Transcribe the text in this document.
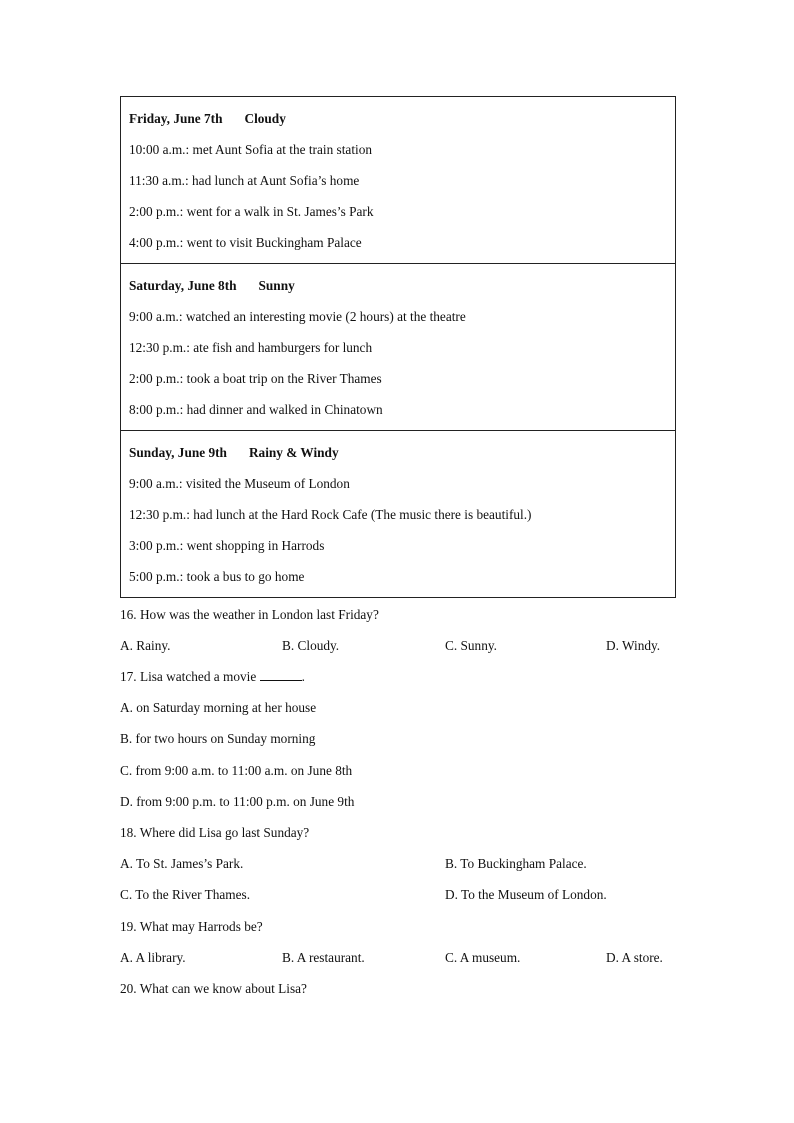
Friday, June 7th Cloudy
10:00 a.m.: met Aunt Sofia at the train station
11:30 a.m.: had lunch at Aunt Sofia’s home
2:00 p.m.: went for a walk in St. James’s Park
4:00 p.m.: went to visit Buckingham Palace
Saturday, June 8th Sunny
9:00 a.m.: watched an interesting movie (2 hours) at the theatre
12:30 p.m.: ate fish and hamburgers for lunch
2:00 p.m.: took a boat trip on the River Thames
8:00 p.m.: had dinner and walked in Chinatown
Sunday, June 9th Rainy & Windy
9:00 a.m.: visited the Museum of London
12:30 p.m.: had lunch at the Hard Rock Cafe (The music there is beautiful.)
3:00 p.m.: went shopping in Harrods
5:00 p.m.: took a bus to go home
16. How was the weather in London last Friday?
A. Rainy.	B. Cloudy.	C. Sunny.	D. Windy.
17. Lisa watched a movie	.
A. on Saturday morning at her house
B. for two hours on Sunday morning
C. from 9:00 a.m. to 11:00 a.m. on June 8th
D. from 9:00 p.m. to 11:00 p.m. on June 9th
18. Where did Lisa go last Sunday?
A. To St. James’s Park.	B. To Buckingham Palace.
C. To the River Thames.	D. To the Museum of London.
19. What may Harrods be?
A. A library.	B. A restaurant.	C. A museum.	D. A store.
20. What can we know about Lisa?
